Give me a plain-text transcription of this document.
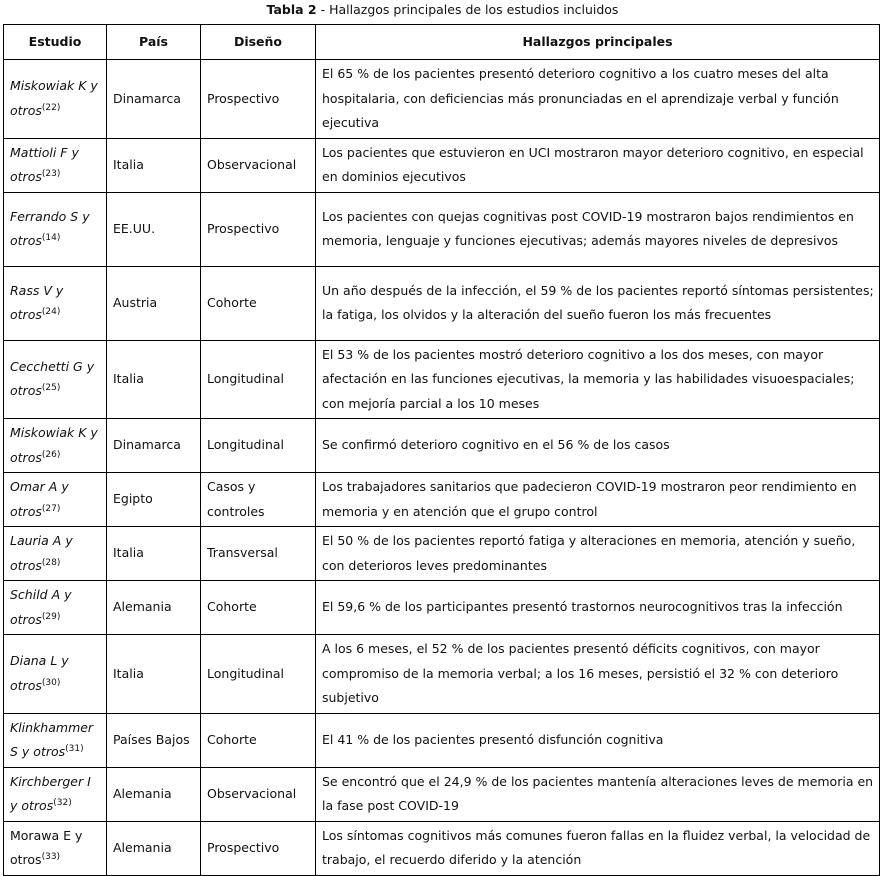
Tabla 2 - Hallazgos principales de los estudios incluidos
Estudio	País	Diseño	Hallazgos principales
Miskowiak K y otros$^{(22)}$	Dinamarca	Prospectivo	El 65 % de los pacientes presentó deterioro cognitivo a los cuatro meses del alta hospitalaria, con deficiencias más pronunciadas en el aprendizaje verbal y función ejecutiva
Mattioli F y otros$^{(23)}$	Italia	Observacional	Los pacientes que estuvieron en UCI mostraron mayor deterioro cognitivo, en especial en dominios ejecutivos
Ferrando S y otros$^{(14)}$	EE.UU.	Prospectivo	Los pacientes con quejas cognitivas post COVID-19 mostraron bajos rendimientos en memoria, lenguaje y funciones ejecutivas; además mayores niveles de depresivos
Rass V y otros$^{(24)}$	Austria	Cohorte	Un año después de la infección, el 59 % de los pacientes reportó síntomas persistentes; la fatiga, los olvidos y la alteración del sueño fueron los más frecuentes
Cecchetti G y otros$^{(25)}$	Italia	Longitudinal	El 53 % de los pacientes mostró deterioro cognitivo a los dos meses, con mayor afectación en las funciones ejecutivas, la memoria y las habilidades visuoespaciales; con mejoría parcial a los 10 meses
Miskowiak K y otros$^{(26)}$	Dinamarca	Longitudinal	Se confirmó deterioro cognitivo en el 56 % de los casos
Omar A y otros$^{(27)}$	Egipto	Casos y controles	Los trabajadores sanitarios que padecieron COVID-19 mostraron peor rendimiento en memoria y en atención que el grupo control
Lauria A y otros$^{(28)}$	Italia	Transversal	El 50 % de los pacientes reportó fatiga y alteraciones en memoria, atención y sueño, con deterioros leves predominantes
Schild A y otros$^{(29)}$	Alemania	Cohorte	El 59,6 % de los participantes presentó trastornos neurocognitivos tras la infección
Diana L y otros$^{(30)}$	Italia	Longitudinal	A los 6 meses, el 52 % de los pacientes presentó déficits cognitivos, con mayor compromiso de la memoria verbal; a los 16 meses, persistió el 32 % con deterioro subjetivo
Klinkhammer S y otros$^{(31)}$	Países Bajos	Cohorte	El 41 % de los pacientes presentó disfunción cognitiva
Kirchberger I y otros$^{(32)}$	Alemania	Observacional	Se encontró que el 24,9 % de los pacientes mantenía alteraciones leves de memoria en la fase post COVID-19
Morawa E y otros$^{(33)}$	Alemania	Prospectivo	Los síntomas cognitivos más comunes fueron fallas en la fluidez verbal, la velocidad de trabajo, el recuerdo diferido y la atención
